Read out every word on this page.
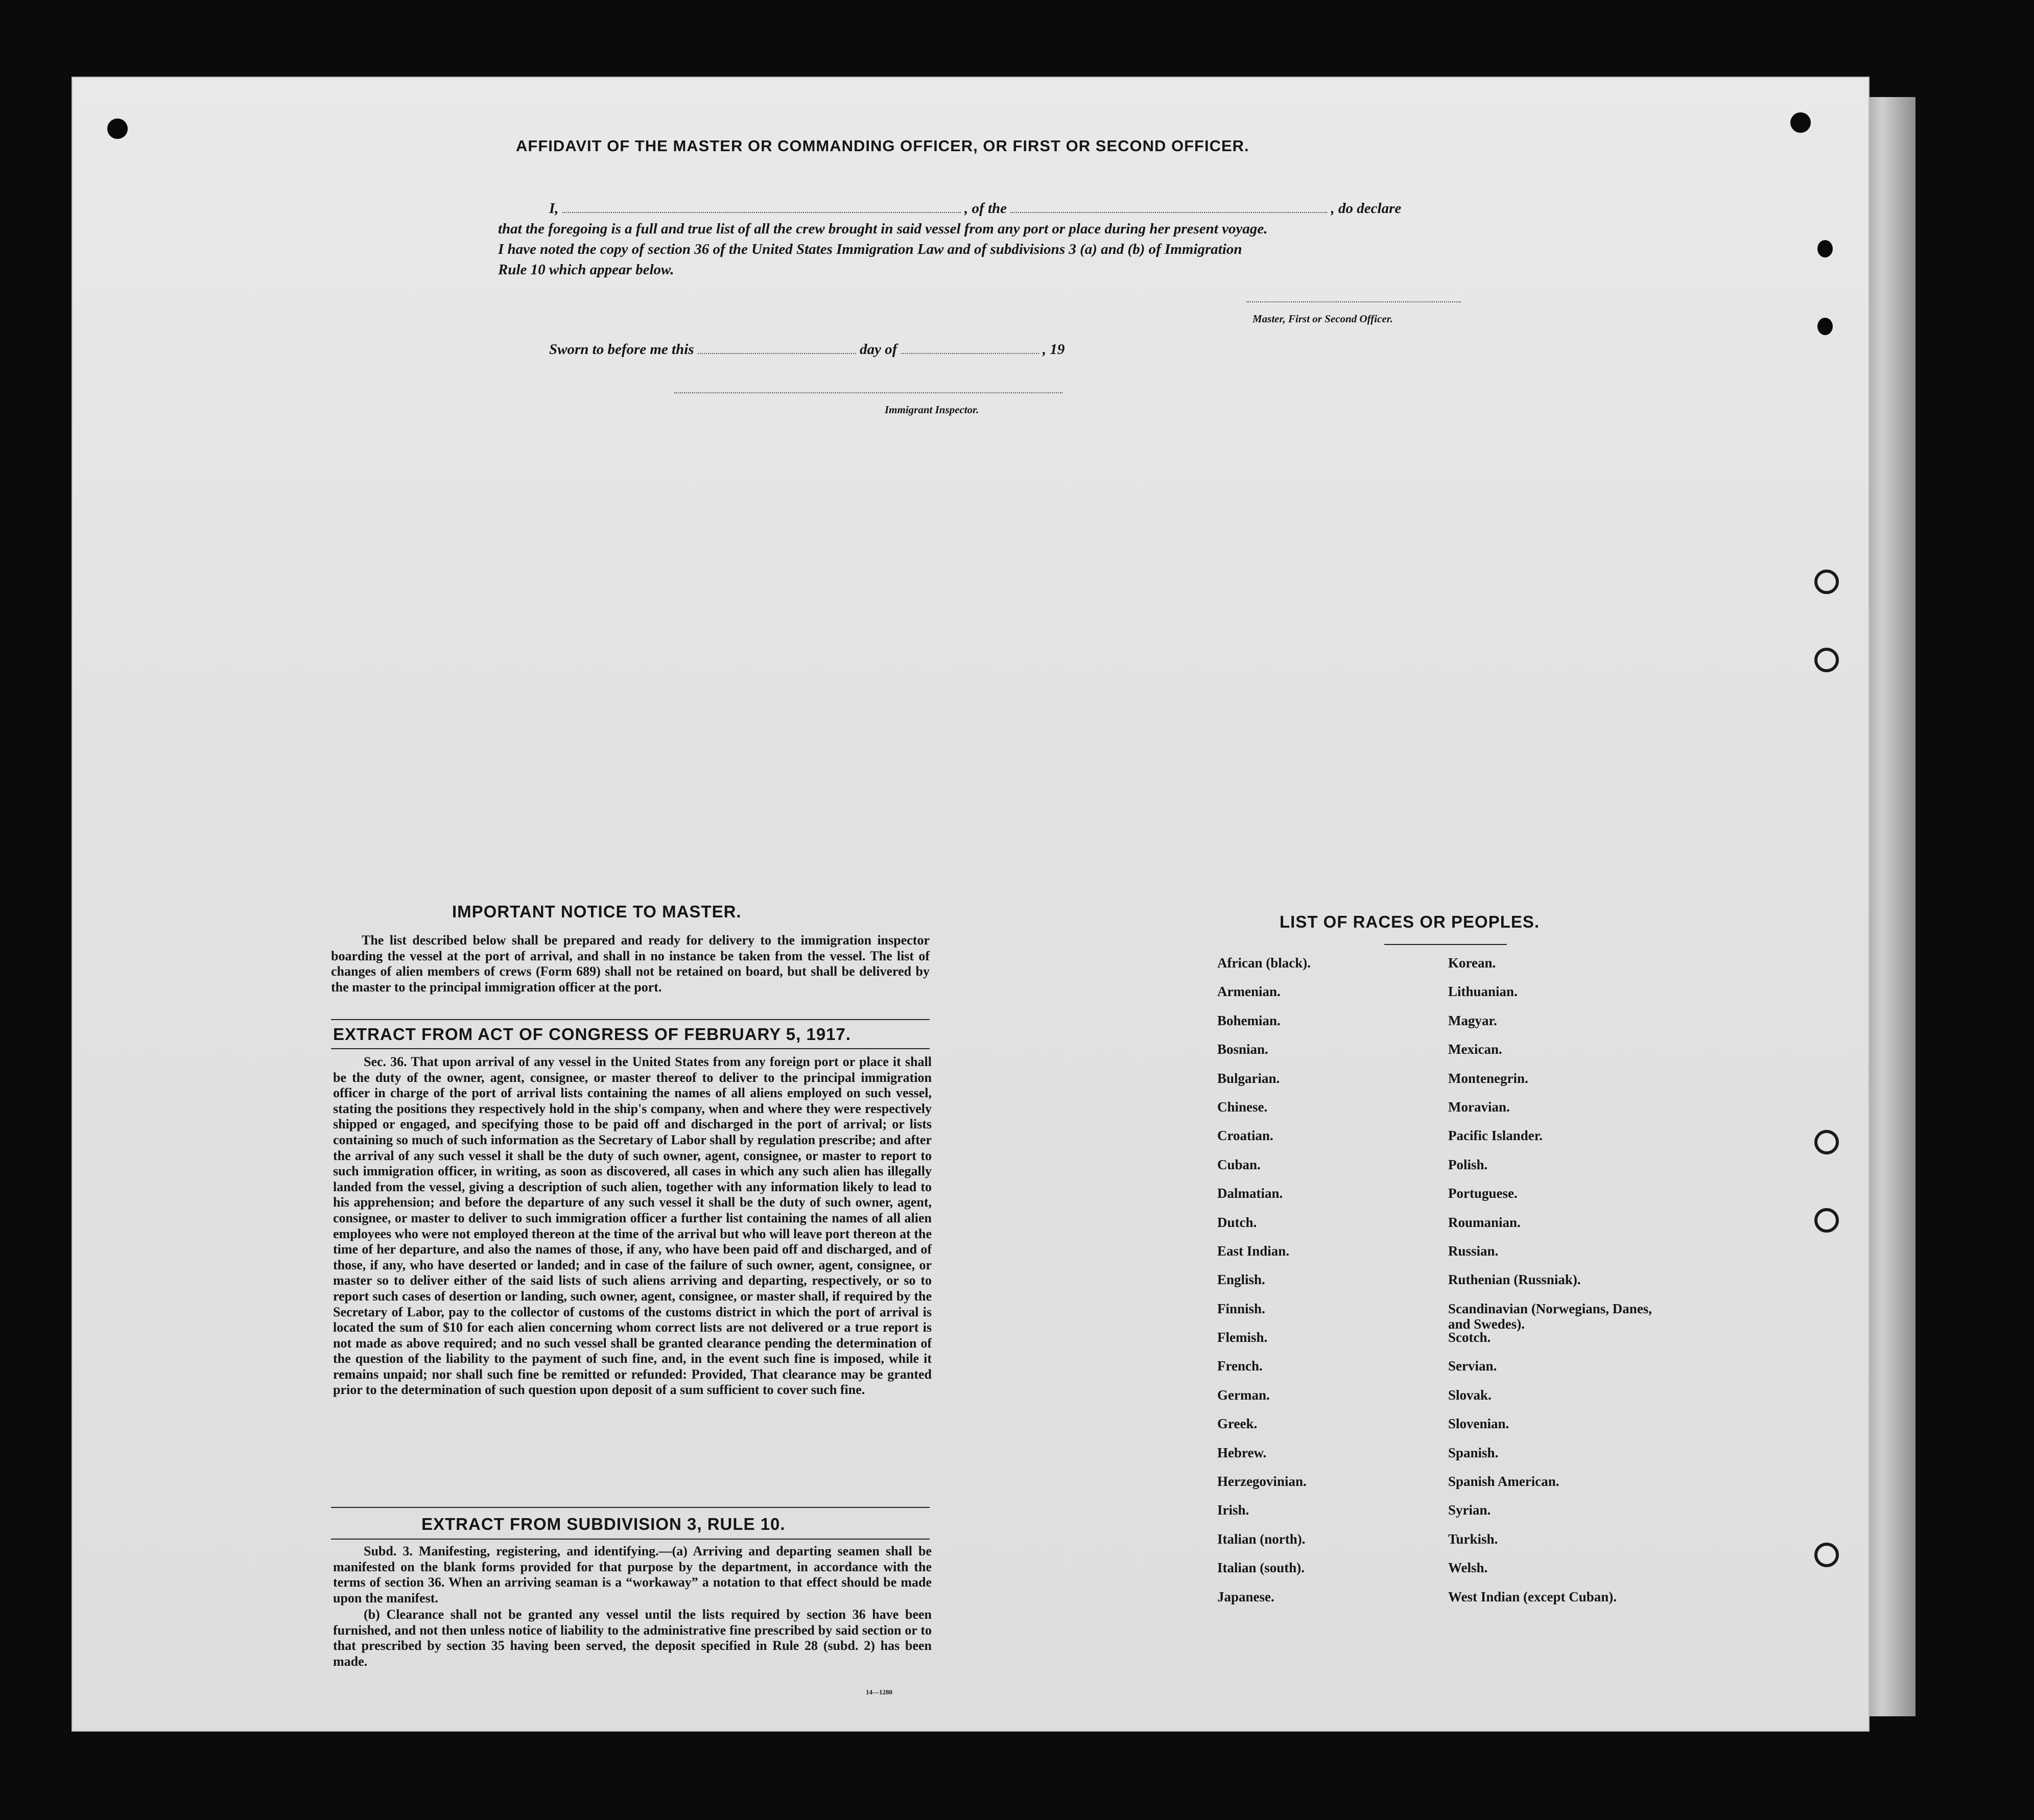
AFFIDAVIT OF THE MASTER OR COMMANDING OFFICER, OR FIRST OR SECOND OFFICER.
I,	, of the	, do declare
that the foregoing is a full and true list of all the crew brought in said vessel from any port or place during her present voyage.
I have noted the copy of section 36 of the United States Immigration Law and of subdivisions 3 (a) and (b) of Immigration
Rule 10 which appear below.
Master, First or Second Officer.
Sworn to before me this	day of	, 19
Immigrant Inspector.
IMPORTANT NOTICE TO MASTER.
The list described below shall be prepared and ready for delivery to the immigration inspector boarding the vessel at the port of arrival, and shall in no instance be taken from the vessel. The list of changes of alien members of crews (Form 689) shall not be retained on board, but shall be delivered by the master to the principal immigration officer at the port.
EXTRACT FROM ACT OF CONGRESS OF FEBRUARY 5, 1917.
Sec. 36. That upon arrival of any vessel in the United States from any foreign port or place it shall be the duty of the owner, agent, consignee, or master thereof to deliver to the principal immigration officer in charge of the port of arrival lists containing the names of all aliens employed on such vessel, stating the positions they respectively hold in the ship's company, when and where they were respectively shipped or engaged, and specifying those to be paid off and discharged in the port of arrival; or lists containing so much of such information as the Secretary of Labor shall by regulation prescribe; and after the arrival of any such vessel it shall be the duty of such owner, agent, consignee, or master to report to such immigration officer, in writing, as soon as discovered, all cases in which any such alien has illegally landed from the vessel, giving a description of such alien, together with any information likely to lead to his apprehension; and before the departure of any such vessel it shall be the duty of such owner, agent, consignee, or master to deliver to such immigration officer a further list containing the names of all alien employees who were not employed thereon at the time of the arrival but who will leave port thereon at the time of her departure, and also the names of those, if any, who have been paid off and discharged, and of those, if any, who have deserted or landed; and in case of the failure of such owner, agent, consignee, or master so to deliver either of the said lists of such aliens arriving and departing, respectively, or so to report such cases of desertion or landing, such owner, agent, consignee, or master shall, if required by the Secretary of Labor, pay to the collector of customs of the customs district in which the port of arrival is located the sum of $10 for each alien concerning whom correct lists are not delivered or a true report is not made as above required; and no such vessel shall be granted clearance pending the determination of the question of the liability to the payment of such fine, and, in the event such fine is imposed, while it remains unpaid; nor shall such fine be remitted or refunded: Provided, That clearance may be granted prior to the determination of such question upon deposit of a sum sufficient to cover such fine.
EXTRACT FROM SUBDIVISION 3, RULE 10.
Subd. 3. Manifesting, registering, and identifying.—(a) Arriving and departing seamen shall be manifested on the blank forms provided for that purpose by the department, in accordance with the terms of section 36. When an arriving seaman is a “workaway” a notation to that effect should be made upon the manifest.
(b) Clearance shall not be granted any vessel until the lists required by section 36 have been furnished, and not then unless notice of liability to the administrative fine prescribed by said section or to that prescribed by section 35 having been served, the deposit specified in Rule 28 (subd. 2) has been made.
14—1280
LIST OF RACES OR PEOPLES.
African (black).
Armenian.
Bohemian.
Bosnian.
Bulgarian.
Chinese.
Croatian.
Cuban.
Dalmatian.
Dutch.
East Indian.
English.
Finnish.
Flemish.
French.
German.
Greek.
Hebrew.
Herzegovinian.
Irish.
Italian (north).
Italian (south).
Japanese.
Korean.
Lithuanian.
Magyar.
Mexican.
Montenegrin.
Moravian.
Pacific Islander.
Polish.
Portuguese.
Roumanian.
Russian.
Ruthenian (Russniak).
Scandinavian (Norwegians, Danes, and Swedes).
Scotch.
Servian.
Slovak.
Slovenian.
Spanish.
Spanish American.
Syrian.
Turkish.
Welsh.
West Indian (except Cuban).
